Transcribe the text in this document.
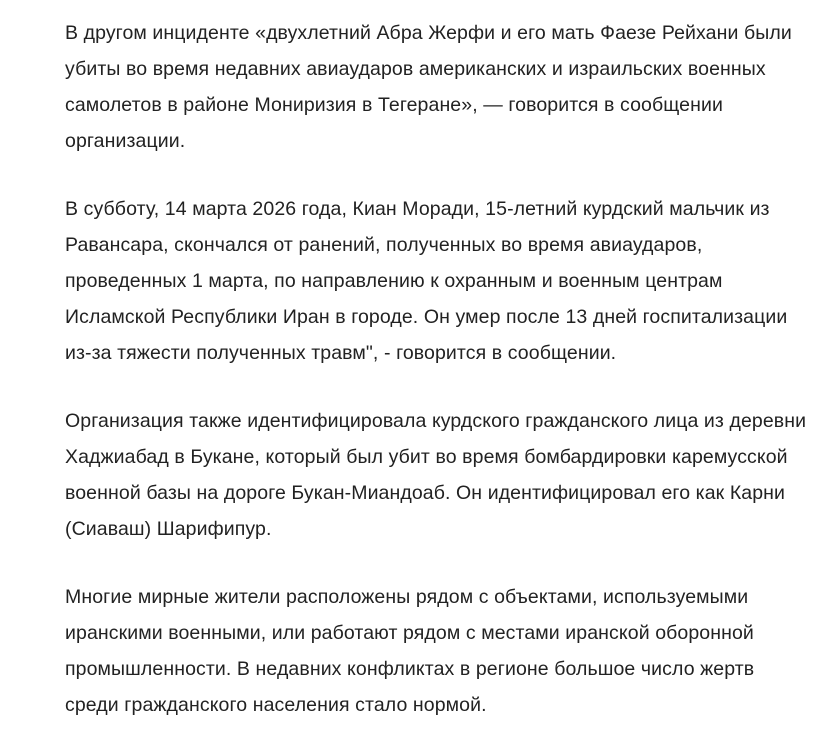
В другом инциденте «двухлетний Абра Жерфи и его мать Фаезе Рейхани были убиты во время недавних авиаударов американских и израильских военных самолетов в районе Мониризия в Тегеране», — говорится в сообщении организации.

В субботу, 14 марта 2026 года, Киан Моради, 15-летний курдский мальчик из Равансара, скончался от ранений, полученных во время авиаударов, проведенных 1 марта, по направлению к охранным и военным центрам Исламской Республики Иран в городе. Он умер после 13 дней госпитализации из-за тяжести полученных травм", - говорится в сообщении.

Организация также идентифицировала курдского гражданского лица из деревни Хаджиабад в Букане, который был убит во время бомбардировки каремусской военной базы на дороге Букан-Миандоаб. Он идентифицировал его как Карни (Сиаваш) Шарифипур.

Многие мирные жители расположены рядом с объектами, используемыми иранскими военными, или работают рядом с местами иранской оборонной промышленности. В недавних конфликтах в регионе большое число жертв среди гражданского населения стало нормой.
